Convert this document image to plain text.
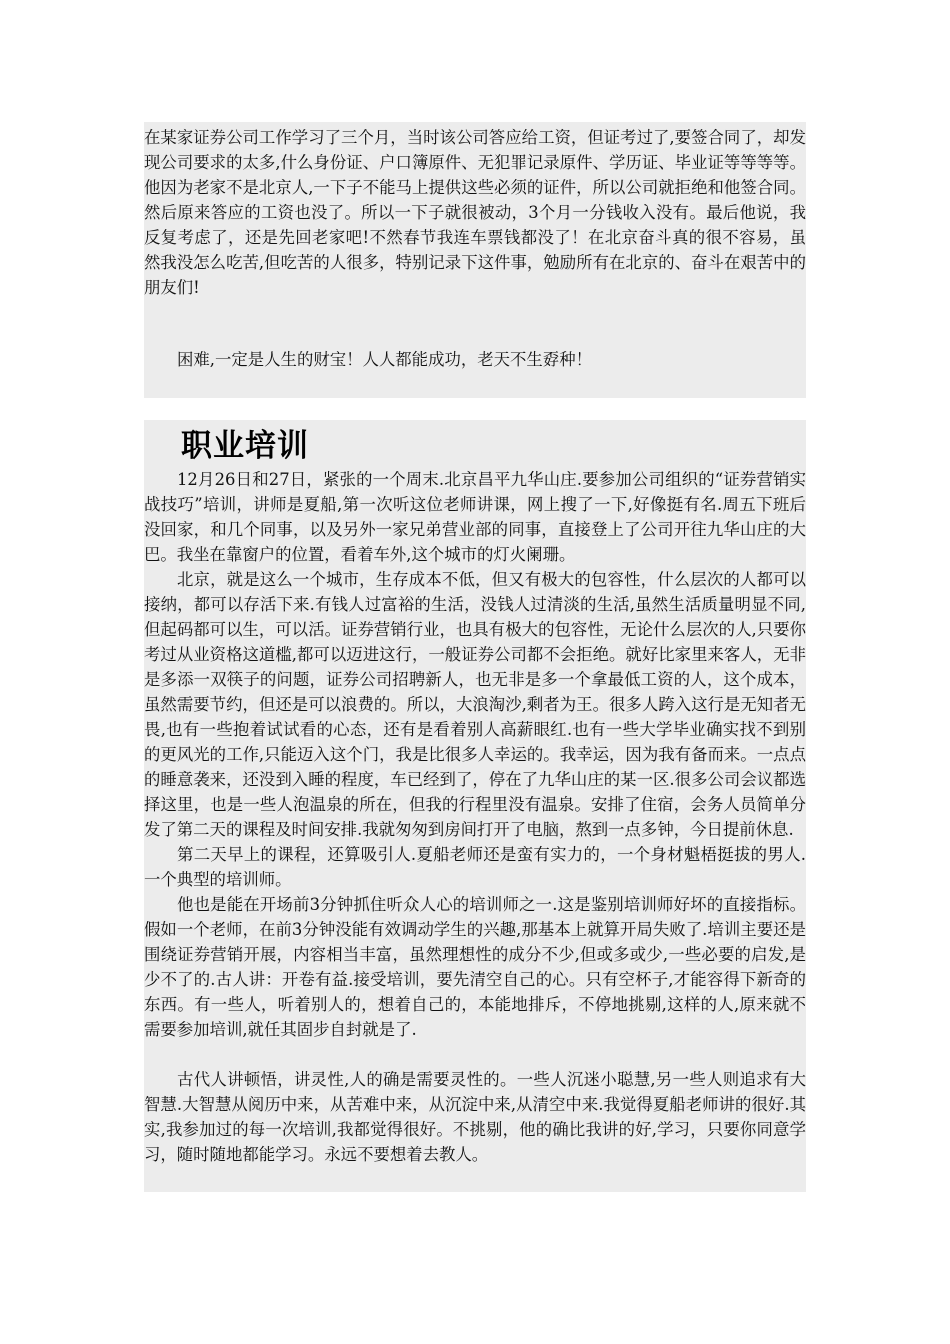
在某家证券公司工作学习了三个月，当时该公司答应给工资，但证考过了,要签合同了，却发现公司要求的太多,什么身份证、户口簿原件、无犯罪记录原件、学历证、毕业证等等等等。他因为老家不是北京人,一下子不能马上提供这些必须的证件，所以公司就拒绝和他签合同。然后原来答应的工资也没了。所以一下子就很被动，3个月一分钱收入没有。最后他说，我反复考虑了，还是先回老家吧!不然春节我连车票钱都没了！在北京奋斗真的很不容易，虽然我没怎么吃苦,但吃苦的人很多，特别记录下这件事，勉励所有在北京的、奋斗在艰苦中的朋友们!

困难,一定是人生的财宝！人人都能成功，老天不生孬种！

职业培训

12月26日和27日，紧张的一个周末.北京昌平九华山庄.要参加公司组织的“证券营销实战技巧”培训，讲师是夏船,第一次听这位老师讲课，网上搜了一下,好像挺有名.周五下班后没回家，和几个同事，以及另外一家兄弟营业部的同事，直接登上了公司开往九华山庄的大巴。我坐在靠窗户的位置，看着车外,这个城市的灯火阑珊。

北京，就是这么一个城市，生存成本不低，但又有极大的包容性，什么层次的人都可以接纳，都可以存活下来.有钱人过富裕的生活，没钱人过清淡的生活,虽然生活质量明显不同,但起码都可以生，可以活。证券营销行业，也具有极大的包容性，无论什么层次的人,只要你考过从业资格这道槛,都可以迈进这行，一般证券公司都不会拒绝。就好比家里来客人，无非是多添一双筷子的问题，证券公司招聘新人，也无非是多一个拿最低工资的人，这个成本，虽然需要节约，但还是可以浪费的。所以，大浪淘沙,剩者为王。很多人跨入这行是无知者无畏,也有一些抱着试试看的心态，还有是看着别人高薪眼红.也有一些大学毕业确实找不到别的更风光的工作,只能迈入这个门，我是比很多人幸运的。我幸运，因为我有备而来。一点点的睡意袭来，还没到入睡的程度，车已经到了，停在了九华山庄的某一区.很多公司会议都选择这里，也是一些人泡温泉的所在，但我的行程里没有温泉。安排了住宿，会务人员简单分发了第二天的课程及时间安排.我就匆匆到房间打开了电脑，熬到一点多钟，今日提前休息.

第二天早上的课程，还算吸引人.夏船老师还是蛮有实力的，一个身材魁梧挺拔的男人.一个典型的培训师。

他也是能在开场前3分钟抓住听众人心的培训师之一.这是鉴别培训师好坏的直接指标。假如一个老师，在前3分钟没能有效调动学生的兴趣,那基本上就算开局失败了.培训主要还是围绕证券营销开展，内容相当丰富，虽然理想性的成分不少,但或多或少,一些必要的启发,是少不了的.古人讲：开卷有益.接受培训，要先清空自己的心。只有空杯子,才能容得下新奇的东西。有一些人，听着别人的，想着自己的，本能地排斥，不停地挑剔,这样的人,原来就不需要参加培训,就任其固步自封就是了.

古代人讲顿悟，讲灵性,人的确是需要灵性的。一些人沉迷小聪慧,另一些人则追求有大智慧.大智慧从阅历中来，从苦难中来，从沉淀中来,从清空中来.我觉得夏船老师讲的很好.其实,我参加过的每一次培训,我都觉得很好。不挑剔，他的确比我讲的好,学习，只要你同意学习，随时随地都能学习。永远不要想着去教人。
